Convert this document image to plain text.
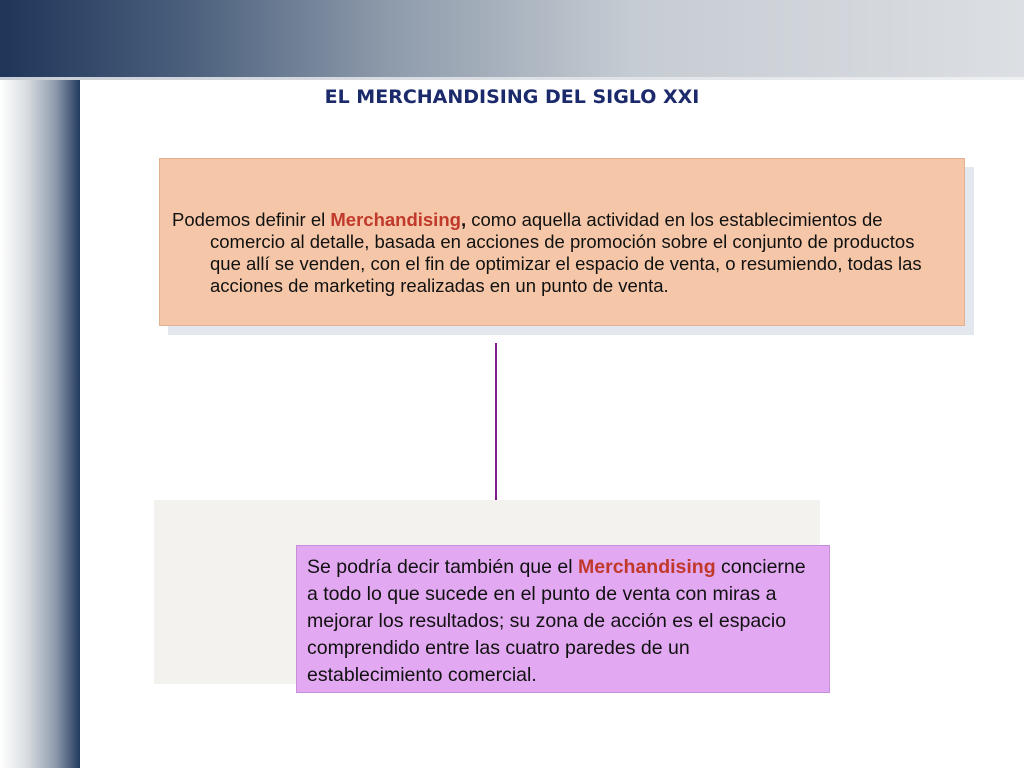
EL MERCHANDISING DEL SIGLO XXI

Podemos definir el Merchandising, como aquella actividad en los establecimientos de comercio al detalle, basada en acciones de promoción sobre el conjunto de productos que allí se venden, con el fin de optimizar el espacio de venta, o resumiendo, todas las acciones de marketing realizadas en un punto de venta.

Se podría decir también que el Merchandising concierne a todo lo que sucede en el punto de venta con miras a mejorar los resultados; su zona de acción es el espacio comprendido entre las cuatro paredes de un establecimiento comercial.
